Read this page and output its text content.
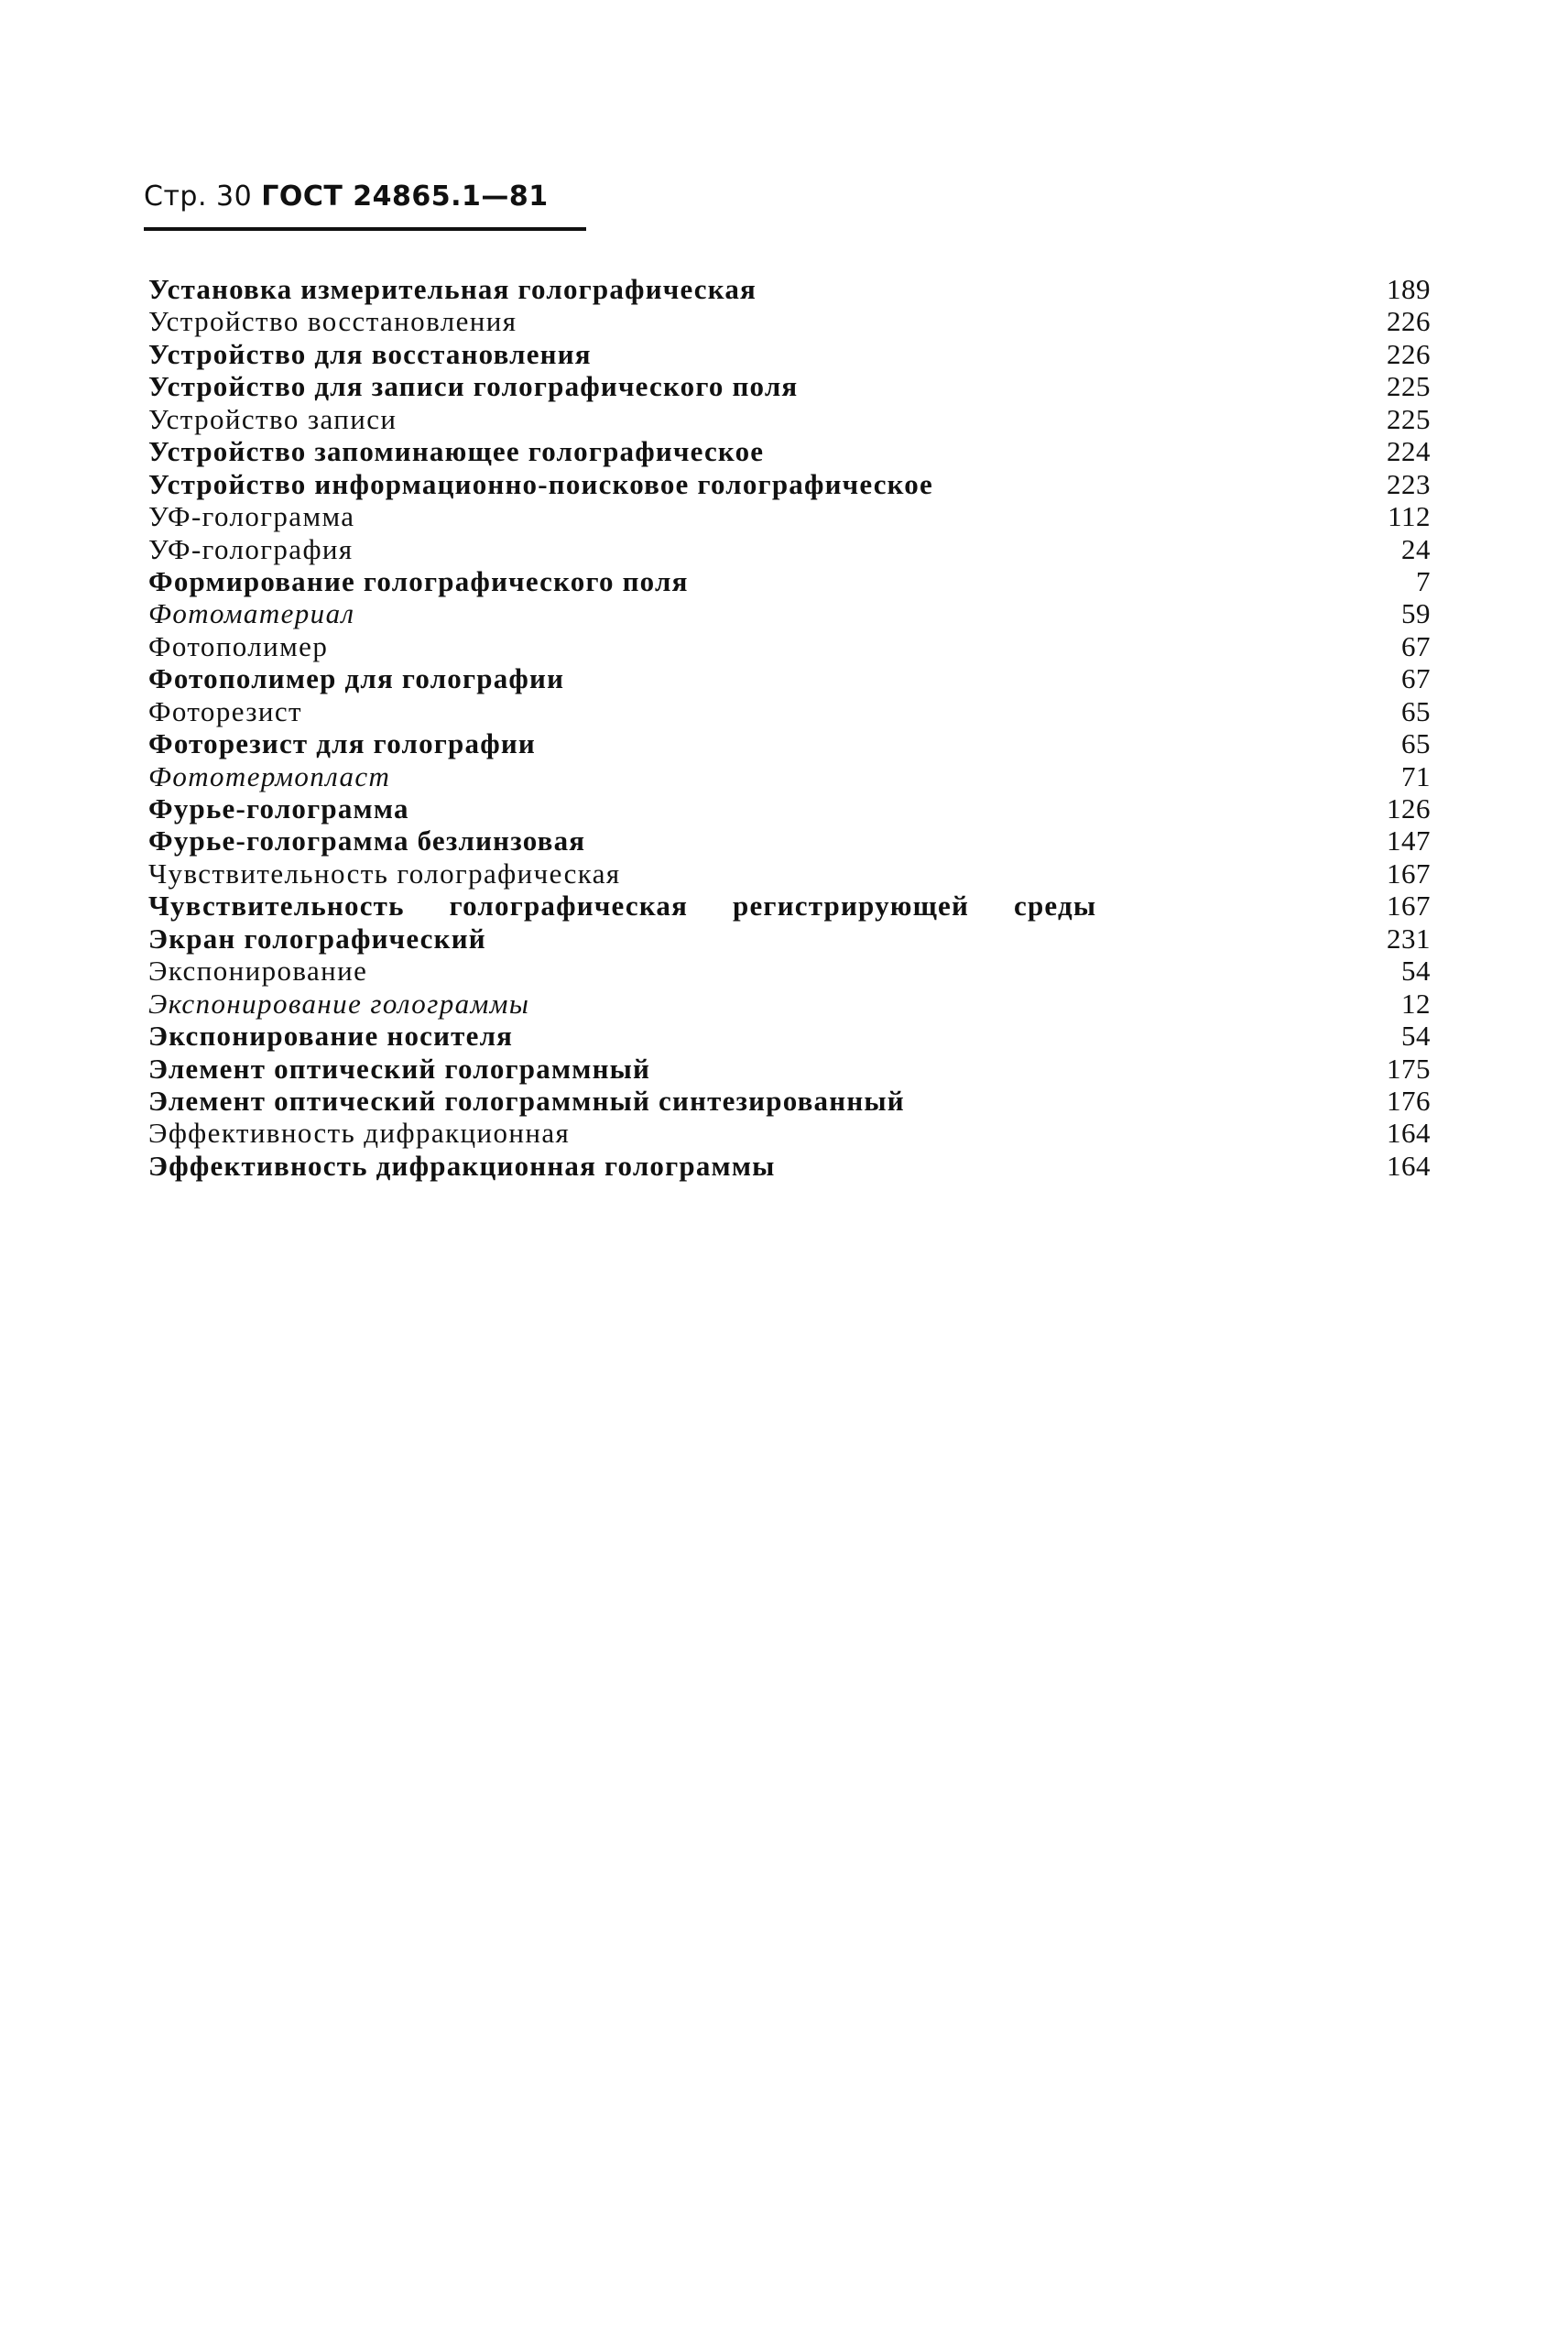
Стр. 30 ГОСТ 24865.1—81
Установка измерительная голографическая	189
Устройство восстановления	226
Устройство для восстановления	226
Устройство для записи голографического поля	225
Устройство записи	225
Устройство запоминающее голографическое	224
Устройство информационно-поисковое голографическое	223
УФ-голограмма	112
УФ-голография	24
Формирование голографического поля	7
Фотоматериал	59
Фотополимер	67
Фотополимер для голографии	67
Фоторезист	65
Фоторезист для голографии	65
Фототермопласт	71
Фурье-голограмма	126
Фурье-голограмма безлинзовая	147
Чувствительность голографическая	167
Чувствительность голографическая регистрирующей среды	167
Экран голографический	231
Экспонирование	54
Экспонирование голограммы	12
Экспонирование носителя	54
Элемент оптический голограммный	175
Элемент оптический голограммный синтезированный	176
Эффективность дифракционная	164
Эффективность дифракционная голограммы	164
